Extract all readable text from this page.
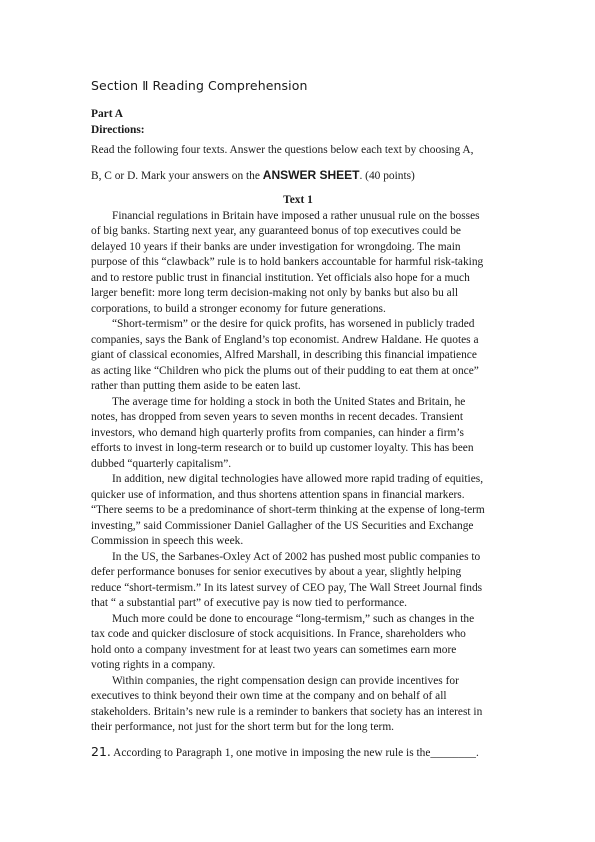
Section Ⅱ Reading Comprehension

Part A

Directions:

Read the following four texts. Answer the questions below each text by choosing A,
B, C or D. Mark your answers on the ANSWER SHEET. (40 points)

Text 1

Financial regulations in Britain have imposed a rather unusual rule on the bosses
of big banks. Starting next year, any guaranteed bonus of top executives could be
delayed 10 years if their banks are under investigation for wrongdoing. The main
purpose of this “clawback” rule is to hold bankers accountable for harmful risk-taking
and to restore public trust in financial institution. Yet officials also hope for a much
larger benefit: more long term decision-making not only by banks but also bu all
corporations, to build a stronger economy for future generations.

“Short-termism” or the desire for quick profits, has worsened in publicly traded
companies, says the Bank of England’s top economist. Andrew Haldane. He quotes a
giant of classical economies, Alfred Marshall, in describing this financial impatience
as acting like “Children who pick the plums out of their pudding to eat them at once”
rather than putting them aside to be eaten last.

The average time for holding a stock in both the United States and Britain, he
notes, has dropped from seven years to seven months in recent decades. Transient
investors, who demand high quarterly profits from companies, can hinder a firm’s
efforts to invest in long-term research or to build up customer loyalty. This has been
dubbed “quarterly capitalism”.

In addition, new digital technologies have allowed more rapid trading of equities,
quicker use of information, and thus shortens attention spans in financial markers.
“There seems to be a predominance of short-term thinking at the expense of long-term
investing,” said Commissioner Daniel Gallagher of the US Securities and Exchange
Commission in speech this week.

In the US, the Sarbanes-Oxley Act of 2002 has pushed most public companies to
defer performance bonuses for senior executives by about a year, slightly helping
reduce “short-termism.” In its latest survey of CEO pay, The Wall Street Journal finds
that “ a substantial part” of executive pay is now tied to performance.

Much more could be done to encourage “long-termism,” such as changes in the
tax code and quicker disclosure of stock acquisitions. In France, shareholders who
hold onto a company investment for at least two years can sometimes earn more
voting rights in a company.

Within companies, the right compensation design can provide incentives for
executives to think beyond their own time at the company and on behalf of all
stakeholders. Britain’s new rule is a reminder to bankers that society has an interest in
their performance, not just for the short term but for the long term.

21. According to Paragraph 1, one motive in imposing the new rule is the________.
